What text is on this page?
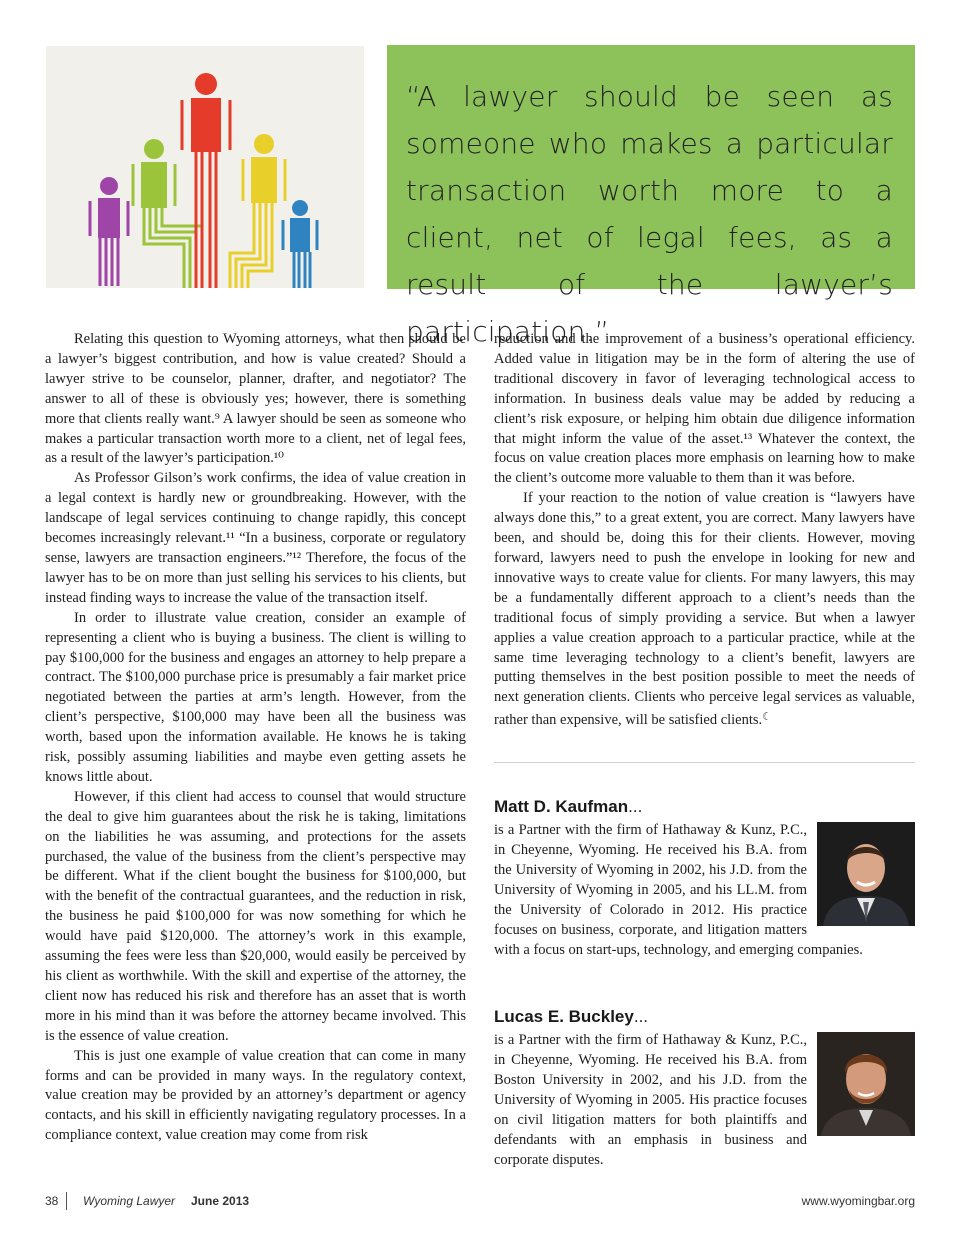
“A lawyer should be seen as someone who makes a particular transaction worth more to a client, net of legal fees, as a result of the lawyer’s participation.”

Relating this question to Wyoming attorneys, what then should be a lawyer’s biggest contribution, and how is value created? Should a lawyer strive to be counselor, planner, drafter, and negotiator? The answer to all of these is obviously yes; however, there is something more that clients really want.⁹ A lawyer should be seen as someone who makes a particular transaction worth more to a client, net of legal fees, as a result of the lawyer’s participation.¹⁰

As Professor Gilson’s work confirms, the idea of value creation in a legal context is hardly new or groundbreaking. However, with the landscape of legal services continuing to change rapidly, this concept becomes increasingly relevant.¹¹ “In a business, corporate or regulatory sense, lawyers are transaction engineers.”¹² Therefore, the focus of the lawyer has to be on more than just selling his services to his clients, but instead finding ways to increase the value of the transaction itself.

In order to illustrate value creation, consider an example of representing a client who is buying a business. The client is willing to pay $100,000 for the business and engages an attorney to help prepare a contract. The $100,000 purchase price is presumably a fair market price negotiated between the parties at arm’s length. However, from the client’s perspective, $100,000 may have been all the business was worth, based upon the information available. He knows he is taking risk, possibly assuming liabilities and maybe even getting assets he knows little about.

However, if this client had access to counsel that would structure the deal to give him guarantees about the risk he is taking, limitations on the liabilities he was assuming, and protections for the assets purchased, the value of the business from the client’s perspective may be different. What if the client bought the business for $100,000, but with the benefit of the contractual guarantees, and the reduction in risk, the business he paid $100,000 for was now something for which he would have paid $120,000. The attorney’s work in this example, assuming the fees were less than $20,000, would easily be perceived by his client as worthwhile. With the skill and expertise of the attorney, the client now has reduced his risk and therefore has an asset that is worth more in his mind than it was before the attorney became involved. This is the essence of value creation.

This is just one example of value creation that can come in many forms and can be provided in many ways. In the regulatory context, value creation may be provided by an attorney’s department or agency contacts, and his skill in efficiently navigating regulatory processes. In a compliance context, value creation may come from risk

reduction and the improvement of a business’s operational efficiency. Added value in litigation may be in the form of altering the use of traditional discovery in favor of leveraging technological access to information. In business deals value may be added by reducing a client’s risk exposure, or helping him obtain due diligence information that might inform the value of the asset.¹³ Whatever the context, the focus on value creation places more emphasis on learning how to make the client’s outcome more valuable to them than it was before.

If your reaction to the notion of value creation is “lawyers have always done this,” to a great extent, you are correct. Many lawyers have been, and should be, doing this for their clients. However, moving forward, lawyers need to push the envelope in looking for new and innovative ways to create value for clients. For many lawyers, this may be a fundamentally different approach to a client’s needs than the traditional focus of simply providing a service. But when a lawyer applies a value creation approach to a particular practice, while at the same time leveraging technology to a client’s benefit, lawyers are putting themselves in the best position possible to meet the needs of next generation clients. Clients who perceive legal services as valuable, rather than expensive, will be satisfied clients.☾

Matt D. Kaufman...

is a Partner with the firm of Hathaway & Kunz, P.C., in Cheyenne, Wyoming. He received his B.A. from the University of Wyoming in 2002, his J.D. from the University of Wyoming in 2005, and his LL.M. from the University of Colorado in 2012. His practice focuses on business, corporate, and litigation matters with a focus on start-ups, technology, and emerging companies.

Lucas E. Buckley...

is a Partner with the firm of Hathaway & Kunz, P.C., in Cheyenne, Wyoming. He received his B.A. from Boston University in 2002, and his J.D. from the University of Wyoming in 2005. His practice focuses on civil litigation matters for both plaintiffs and defendants with an emphasis in business and corporate disputes.

38 Wyoming Lawyer June 2013	www.wyomingbar.org
